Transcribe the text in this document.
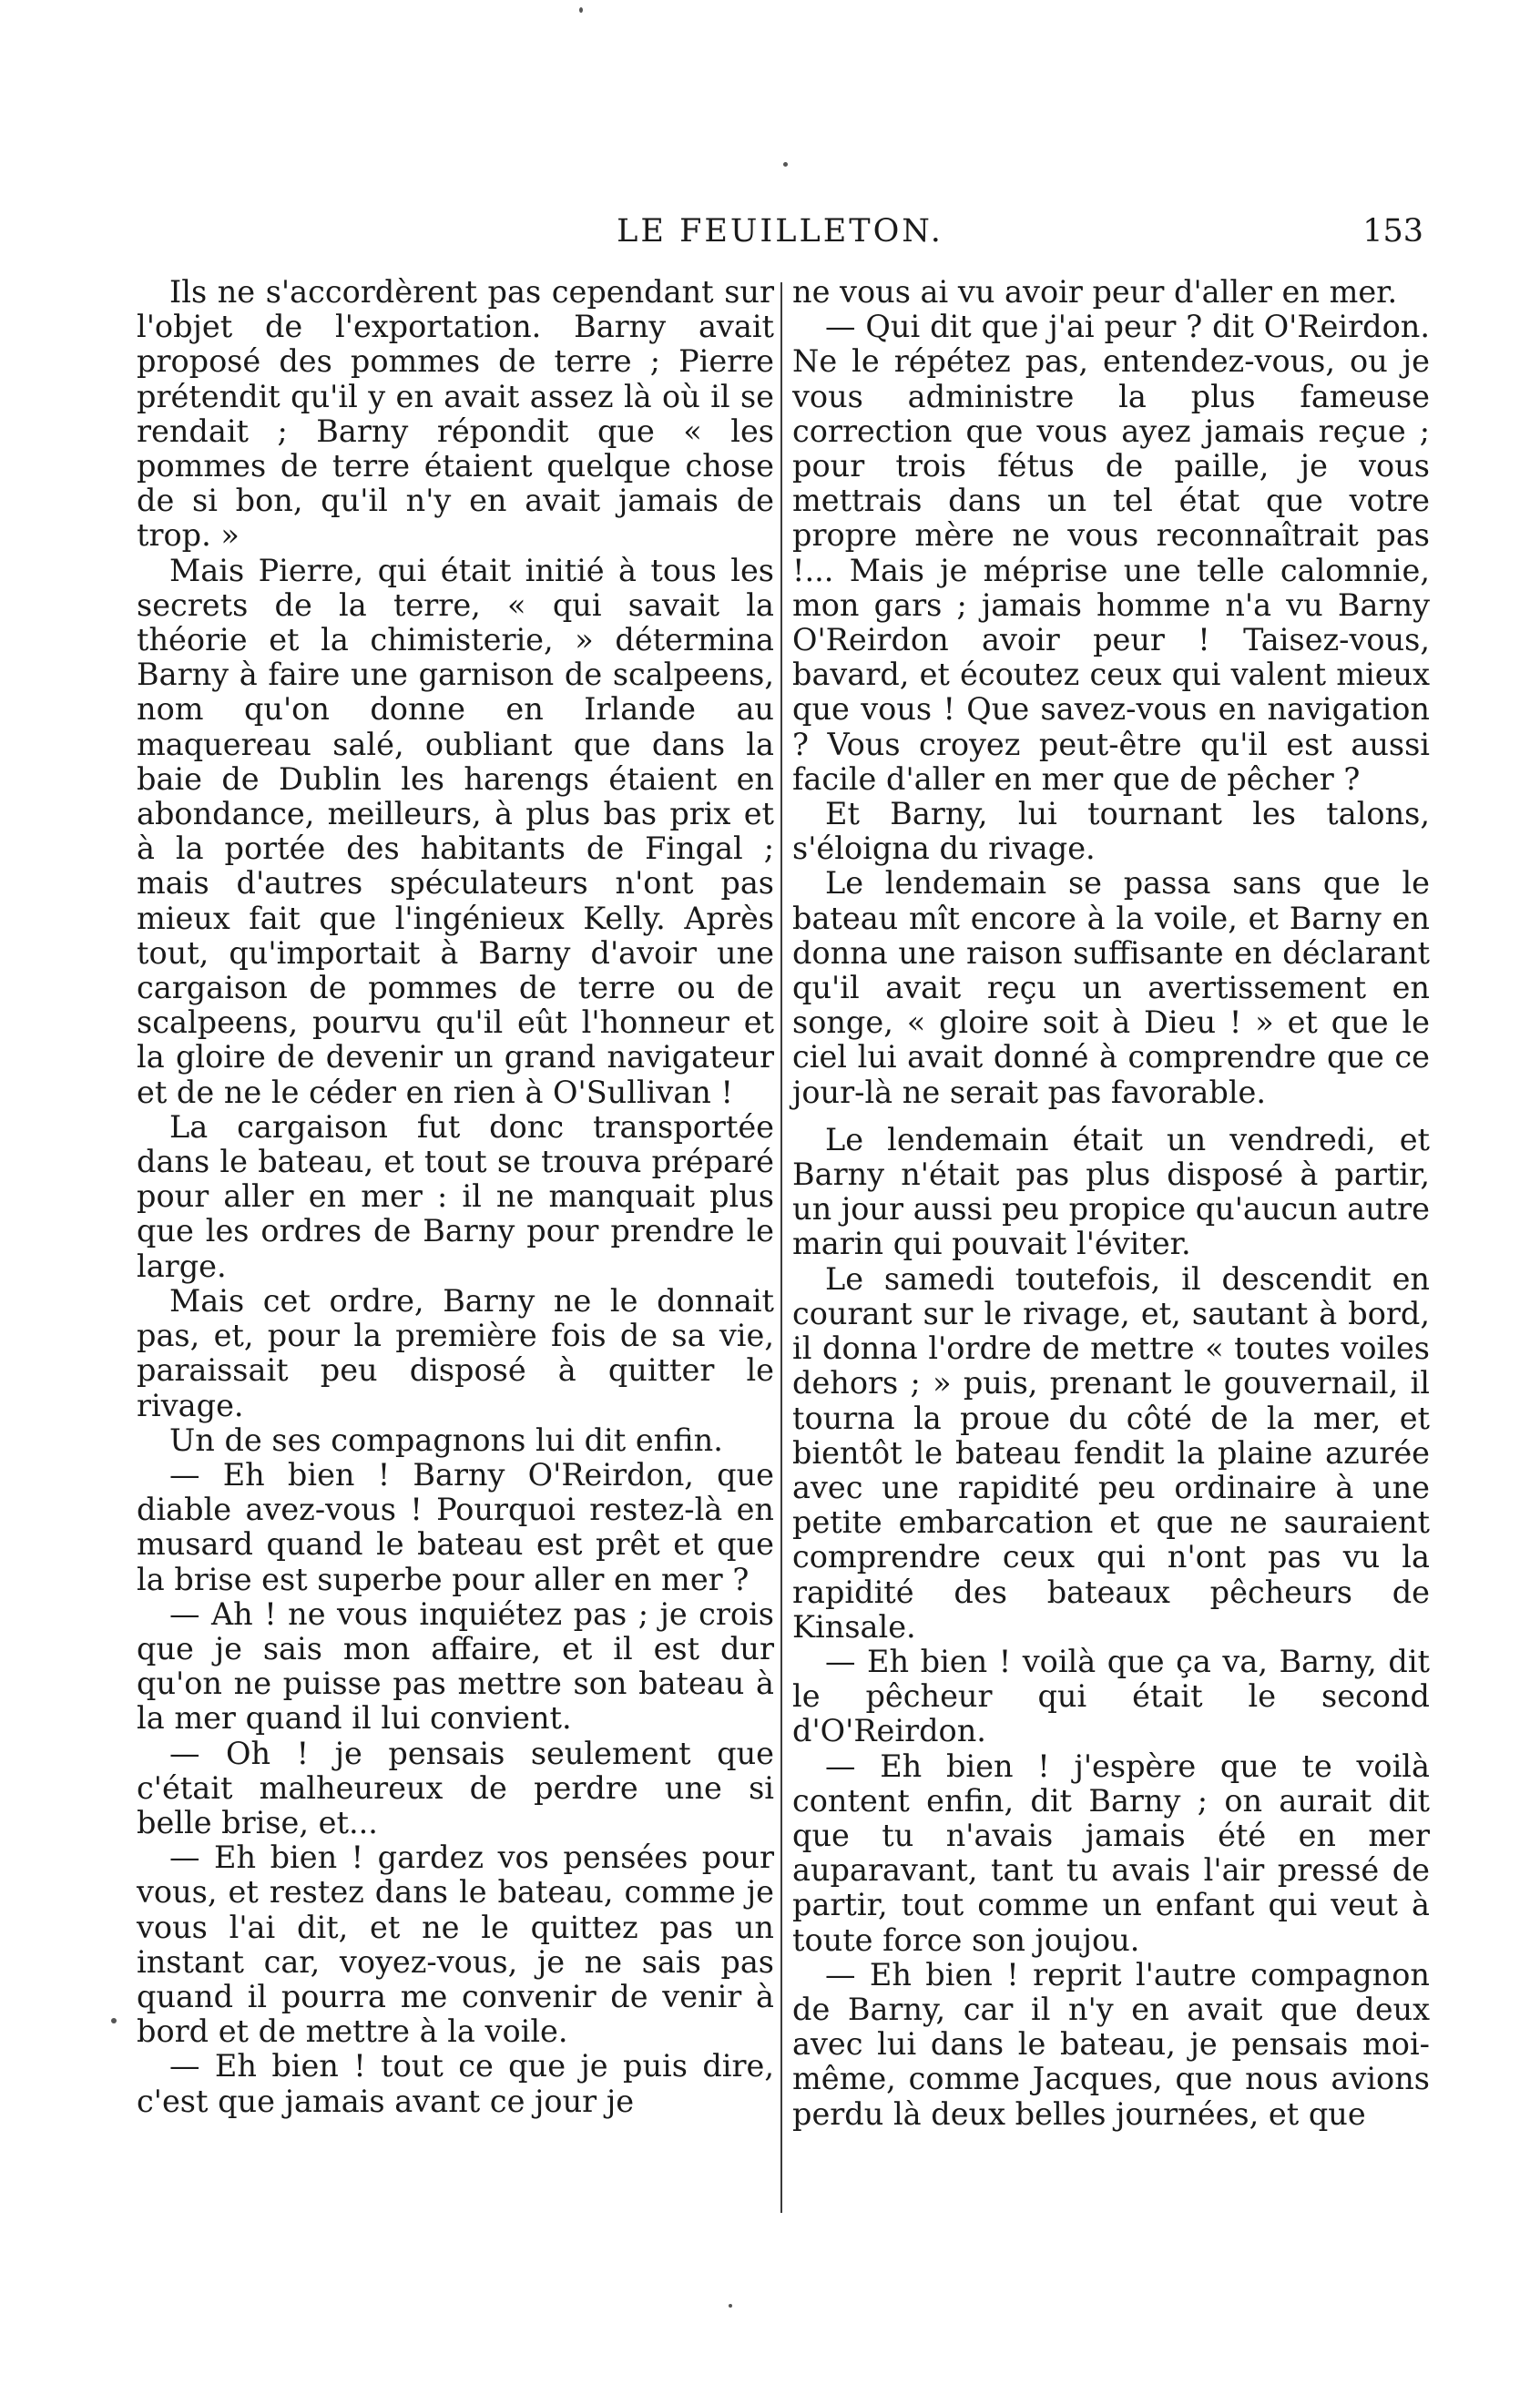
LE FEUILLETON.	153

Ils ne s'accordèrent pas cependant sur l'objet de l'exportation. Barny avait proposé des pommes de terre ; Pierre prétendit qu'il y en avait assez là où il se rendait ; Barny répondit que « les pommes de terre étaient quelque chose de si bon, qu'il n'y en avait jamais de trop. »

Mais Pierre, qui était initié à tous les secrets de la terre, « qui savait la théorie et la chimisterie, » détermina Barny à faire une garnison de scalpeens, nom qu'on donne en Irlande au maquereau salé, oubliant que dans la baie de Dublin les harengs étaient en abondance, meilleurs, à plus bas prix et à la portée des habitants de Fingal ; mais d'autres spéculateurs n'ont pas mieux fait que l'ingénieux Kelly. Après tout, qu'importait à Barny d'avoir une cargaison de pommes de terre ou de scalpeens, pourvu qu'il eût l'honneur et la gloire de devenir un grand navigateur et de ne le céder en rien à O'Sullivan !

La cargaison fut donc transportée dans le bateau, et tout se trouva préparé pour aller en mer : il ne manquait plus que les ordres de Barny pour prendre le large.

Mais cet ordre, Barny ne le donnait pas, et, pour la première fois de sa vie, paraissait peu disposé à quitter le rivage.

Un de ses compagnons lui dit enfin.

— Eh bien ! Barny O'Reirdon, que diable avez-vous ! Pourquoi restez-là en musard quand le bateau est prêt et que la brise est superbe pour aller en mer ?

— Ah ! ne vous inquiétez pas ; je crois que je sais mon affaire, et il est dur qu'on ne puisse pas mettre son bateau à la mer quand il lui convient.

— Oh ! je pensais seulement que c'était malheureux de perdre une si belle brise, et...

— Eh bien ! gardez vos pensées pour vous, et restez dans le bateau, comme je vous l'ai dit, et ne le quittez pas un instant car, voyez-vous, je ne sais pas quand il pourra me convenir de venir à bord et de mettre à la voile.

— Eh bien ! tout ce que je puis dire, c'est que jamais avant ce jour je

ne vous ai vu avoir peur d'aller en mer.

— Qui dit que j'ai peur ? dit O'Reirdon. Ne le répétez pas, entendez-vous, ou je vous administre la plus fameuse correction que vous ayez jamais reçue ; pour trois fétus de paille, je vous mettrais dans un tel état que votre propre mère ne vous reconnaîtrait pas !... Mais je méprise une telle calomnie, mon gars ; jamais homme n'a vu Barny O'Reirdon avoir peur ! Taisez-vous, bavard, et écoutez ceux qui valent mieux que vous ! Que savez-vous en navigation ? Vous croyez peut-être qu'il est aussi facile d'aller en mer que de pêcher ?

Et Barny, lui tournant les talons, s'éloigna du rivage.

Le lendemain se passa sans que le bateau mît encore à la voile, et Barny en donna une raison suffisante en déclarant qu'il avait reçu un avertissement en songe, « gloire soit à Dieu ! » et que le ciel lui avait donné à comprendre que ce jour-là ne serait pas favorable.

Le lendemain était un vendredi, et Barny n'était pas plus disposé à partir, un jour aussi peu propice qu'aucun autre marin qui pouvait l'éviter.

Le samedi toutefois, il descendit en courant sur le rivage, et, sautant à bord, il donna l'ordre de mettre « toutes voiles dehors ; » puis, prenant le gouvernail, il tourna la proue du côté de la mer, et bientôt le bateau fendit la plaine azurée avec une rapidité peu ordinaire à une petite embarcation et que ne sauraient comprendre ceux qui n'ont pas vu la rapidité des bateaux pêcheurs de Kinsale.

— Eh bien ! voilà que ça va, Barny, dit le pêcheur qui était le second d'O'Reirdon.

— Eh bien ! j'espère que te voilà content enfin, dit Barny ; on aurait dit que tu n'avais jamais été en mer auparavant, tant tu avais l'air pressé de partir, tout comme un enfant qui veut à toute force son joujou.

— Eh bien ! reprit l'autre compagnon de Barny, car il n'y en avait que deux avec lui dans le bateau, je pensais moi-même, comme Jacques, que nous avions perdu là deux belles journées, et que
